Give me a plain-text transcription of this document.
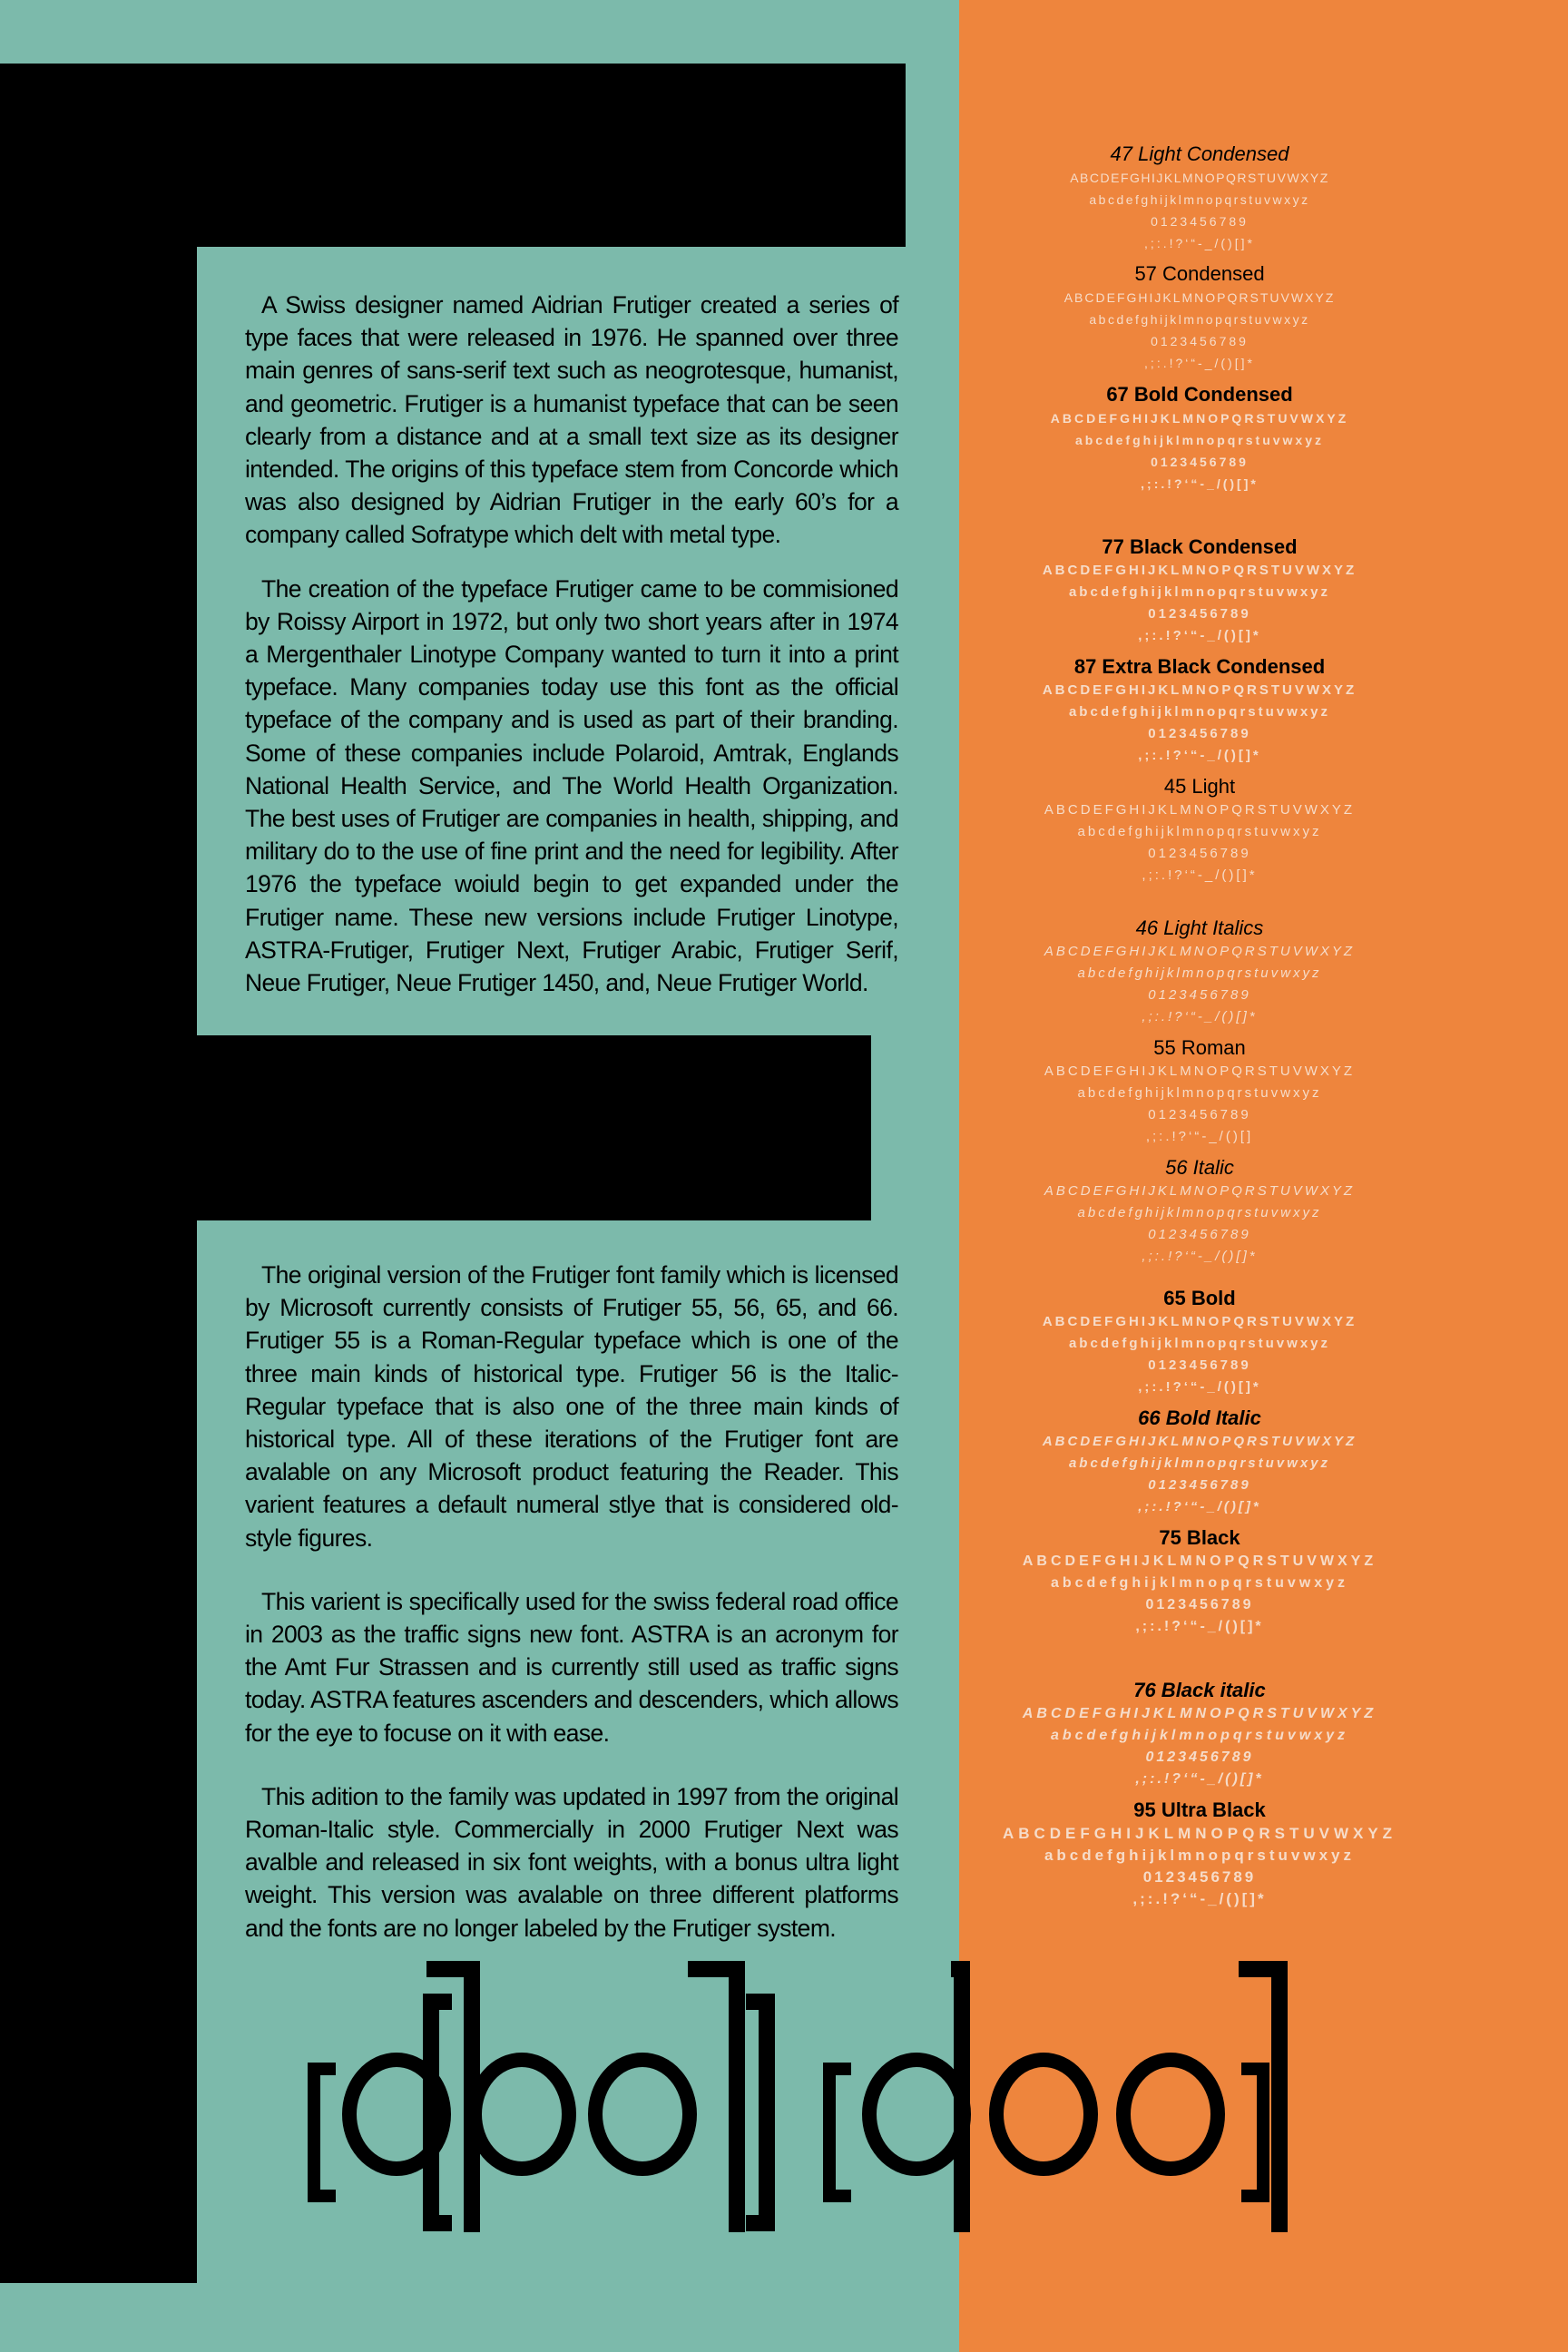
A Swiss designer named Aidrian Frutiger created a series of type faces that were released in 1976. He spanned over three main genres of sans-serif text such as neogrotesque, humanist, and geometric. Frutiger is a humanist typeface that can be seen clearly from a distance and at a small text size as its designer intended. The origins of this typeface stem from Concorde which was also designed by Aidrian Frutiger in the early 60’s for a company called Sofratype which delt with metal type.

The creation of the typeface Frutiger came to be commisioned by Roissy Airport in 1972, but only two short years after in 1974 a Mergenthaler Linotype Company wanted to turn it into a print typeface. Many companies today use this font as the official typeface of the company and is used as part of their branding. Some of these companies include Polaroid, Amtrak, Englands National Health Service, and The World Health Organization. The best uses of Frutiger are companies in health, shipping, and military do to the use of fine print and the need for legibility. After 1976 the typeface woiuld begin to get expanded under the Frutiger name. These new versions include Frutiger Linotype, ASTRA-Frutiger, Frutiger Next, Frutiger Arabic, Frutiger Serif, Neue Frutiger, Neue Frutiger 1450, and, Neue Frutiger World.

The original version of the Frutiger font family which is licensed by Microsoft currently consists of Frutiger 55, 56, 65, and 66. Frutiger 55 is a Roman-Regular typeface which is one of the three main kinds of historical type. Frutiger 56 is the Italic-Regular typeface that is also one of the three main kinds of historical type. All of these iterations of the Frutiger font are avalable on any Microsoft product featuring the Reader. This varient features a default numeral stlye that is considered old-style figures.

This varient is specifically used for the swiss federal road office in 2003 as the traffic signs new font. ASTRA is an acronym for the Amt Fur Strassen and is currently still used as traffic signs today. ASTRA features ascenders and descenders, which allows for the eye to focuse on it with ease.

This adition to the family was updated in 1997 from the original Roman-Italic style. Commercially in 2000 Frutiger Next was avalble and released in six font weights, with a bonus ultra light weight. This version was avalable on three different platforms and the fonts are no longer labeled by the Frutiger system.

47 Light Condensed
ABCDEFGHIJKLMNOPQRSTUVWXYZ
abcdefghijklmnopqrstuvwxyz
0123456789
,;:.!?‘“-_/()[]*
57 Condensed
ABCDEFGHIJKLMNOPQRSTUVWXYZ
abcdefghijklmnopqrstuvwxyz
0123456789
,;:.!?‘“-_/()[]*
67 Bold Condensed
ABCDEFGHIJKLMNOPQRSTUVWXYZ
abcdefghijklmnopqrstuvwxyz
0123456789
,;:.!?‘“-_/()[]*
77 Black Condensed
ABCDEFGHIJKLMNOPQRSTUVWXYZ
abcdefghijklmnopqrstuvwxyz
0123456789
,;:.!?‘“-_/()[]*
87 Extra Black Condensed
ABCDEFGHIJKLMNOPQRSTUVWXYZ
abcdefghijklmnopqrstuvwxyz
0123456789
,;:.!?‘“-_/()[]*
45 Light
ABCDEFGHIJKLMNOPQRSTUVWXYZ
abcdefghijklmnopqrstuvwxyz
0123456789
,;:.!?‘“-_/()[]*
46 Light Italics
ABCDEFGHIJKLMNOPQRSTUVWXYZ
abcdefghijklmnopqrstuvwxyz
0123456789
,;:.!?‘“-_/()[]*
55 Roman
ABCDEFGHIJKLMNOPQRSTUVWXYZ
abcdefghijklmnopqrstuvwxyz
0123456789
,;:.!?‘“-_/()[]
56 Italic
ABCDEFGHIJKLMNOPQRSTUVWXYZ
abcdefghijklmnopqrstuvwxyz
0123456789
,;:.!?‘“-_/()[]*
65 Bold
ABCDEFGHIJKLMNOPQRSTUVWXYZ
abcdefghijklmnopqrstuvwxyz
0123456789
,;:.!?‘“-_/()[]*
66 Bold Italic
ABCDEFGHIJKLMNOPQRSTUVWXYZ
abcdefghijklmnopqrstuvwxyz
0123456789
,;:.!?‘“-_/()[]*
75 Black
ABCDEFGHIJKLMNOPQRSTUVWXYZ
abcdefghijklmnopqrstuvwxyz
0123456789
,;:.!?‘“-_/()[]*
76 Black italic
ABCDEFGHIJKLMNOPQRSTUVWXYZ
abcdefghijklmnopqrstuvwxyz
0123456789
,;:.!?‘“-_/()[]*
95 Ultra Black
ABCDEFGHIJKLMNOPQRSTUVWXYZ
abcdefghijklmnopqrstuvwxyz
0123456789
,;:.!?‘“-_/()[]*
